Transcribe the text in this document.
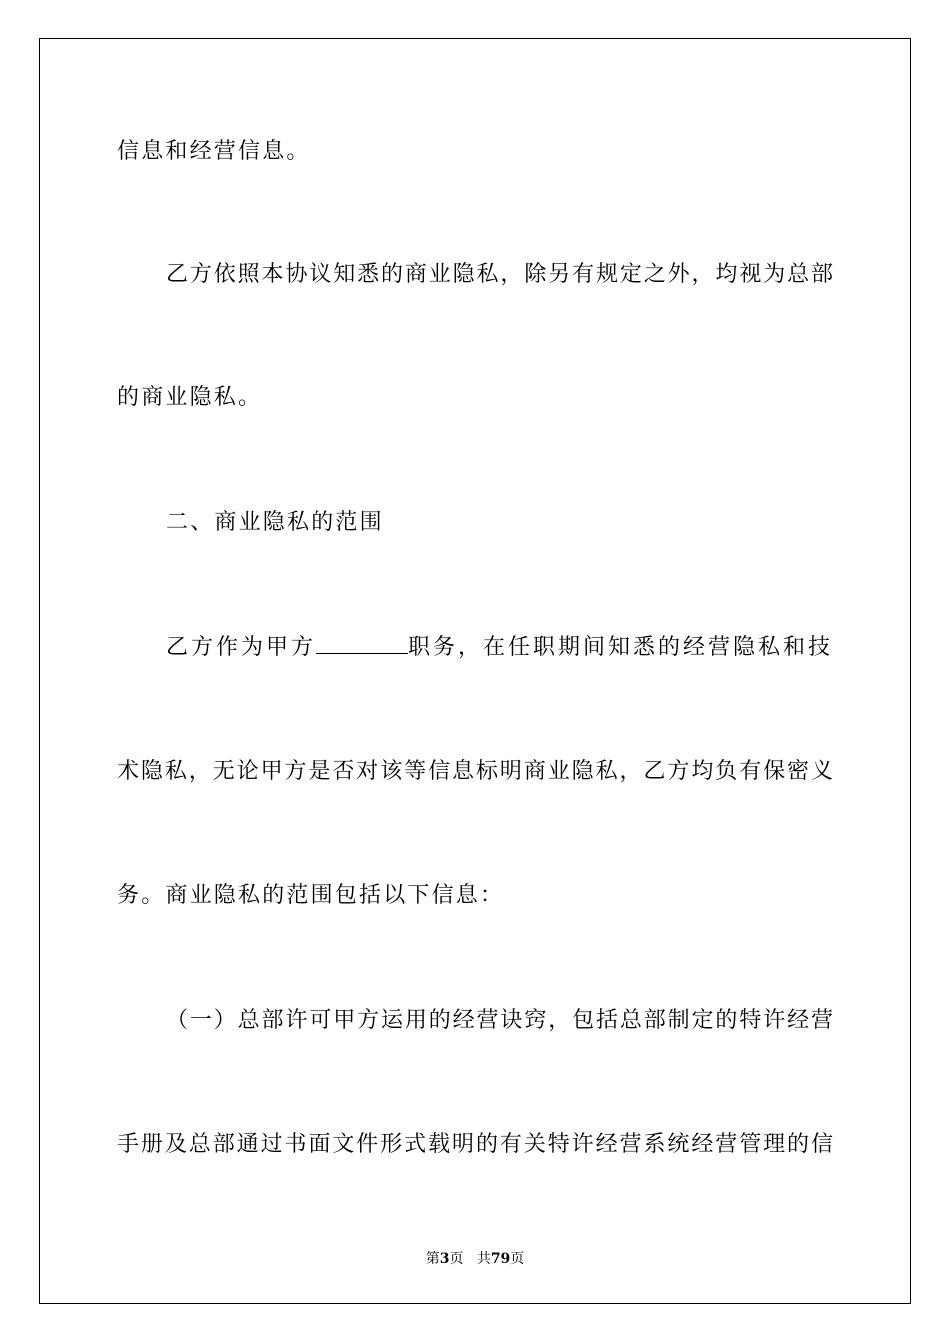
信息和经营信息。
乙方依照本协议知悉的商业隐私，除另有规定之外，均视为总部
的商业隐私。
二、商业隐私的范围
乙方作为甲方	职务，在任职期间知悉的经营隐私和技
术隐私，无论甲方是否对该等信息标明商业隐私，乙方均负有保密义
务。商业隐私的范围包括以下信息：
（一）总部许可甲方运用的经营诀窍，包括总部制定的特许经营
手册及总部通过书面文件形式载明的有关特许经营系统经营管理的信
第3页 共79页
